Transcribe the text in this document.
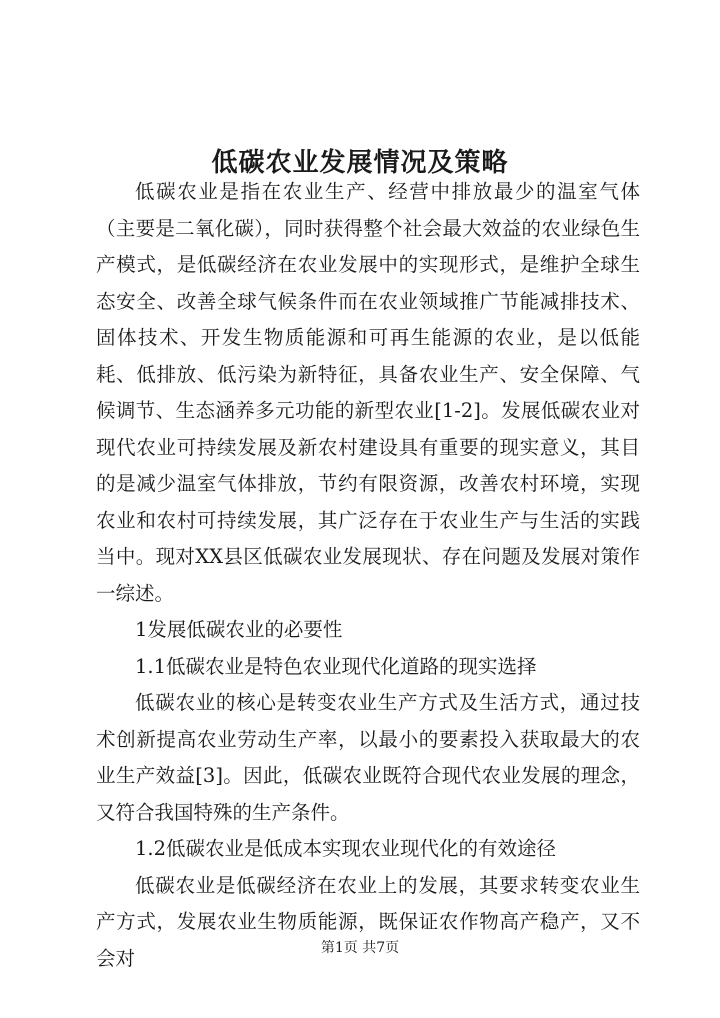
低碳农业发展情况及策略

低碳农业是指在农业生产、经营中排放最少的温室气体（主要是二氧化碳），同时获得整个社会最大效益的农业绿色生产模式，是低碳经济在农业发展中的实现形式，是维护全球生态安全、改善全球气候条件而在农业领域推广节能减排技术、固体技术、开发生物质能源和可再生能源的农业，是以低能耗、低排放、低污染为新特征，具备农业生产、安全保障、气候调节、生态涵养多元功能的新型农业[1-2]。发展低碳农业对现代农业可持续发展及新农村建设具有重要的现实意义，其目的是减少温室气体排放，节约有限资源，改善农村环境，实现农业和农村可持续发展，其广泛存在于农业生产与生活的实践当中。现对XX县区低碳农业发展现状、存在问题及发展对策作一综述。

1发展低碳农业的必要性

1.1低碳农业是特色农业现代化道路的现实选择

低碳农业的核心是转变农业生产方式及生活方式，通过技术创新提高农业劳动生产率，以最小的要素投入获取最大的农业生产效益[3]。因此，低碳农业既符合现代农业发展的理念，又符合我国特殊的生产条件。

1.2低碳农业是低成本实现农业现代化的有效途径

低碳农业是低碳经济在农业上的发展，其要求转变农业生产方式，发展农业生物质能源，既保证农作物高产稳产，又不会对	第1页 共7页
